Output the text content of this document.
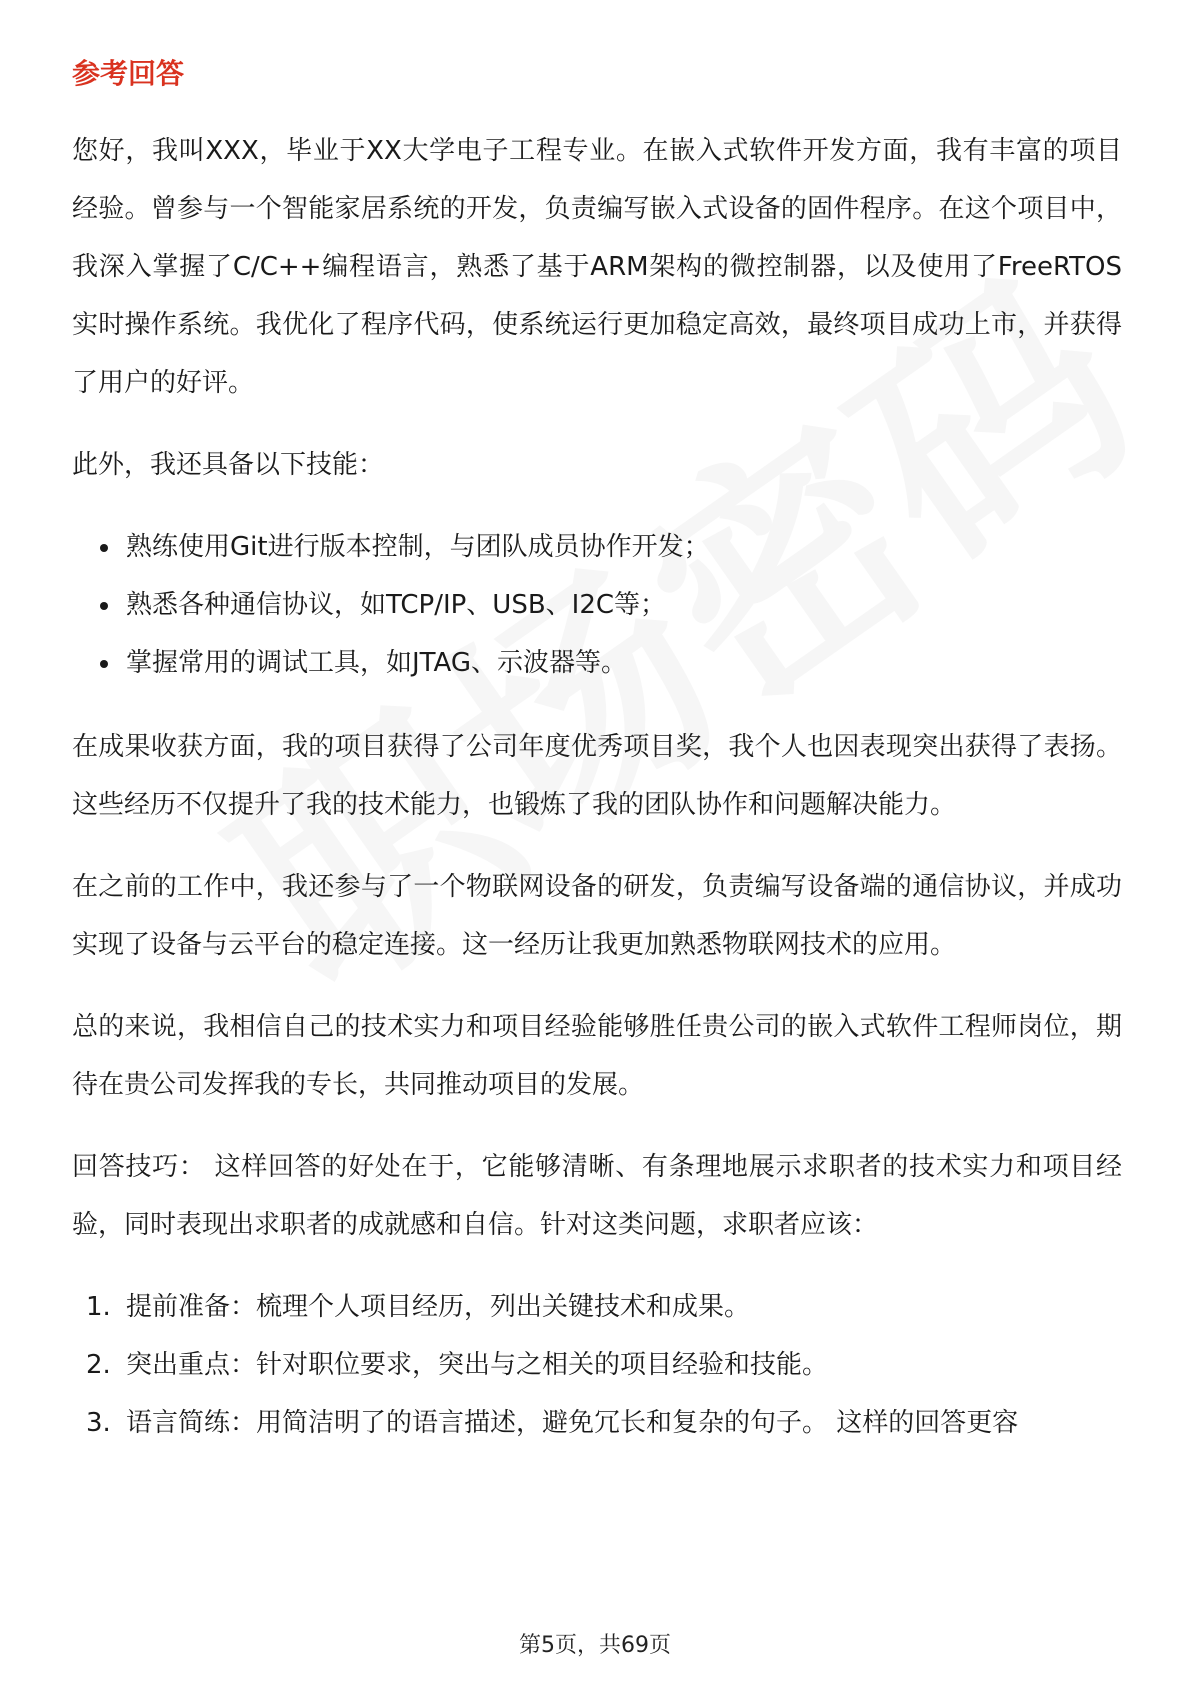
参考回答

您好，我叫XXX，毕业于XX大学电子工程专业。在嵌入式软件开发方面，我有丰富的项目经验。曾参与一个智能家居系统的开发，负责编写嵌入式设备的固件程序。在这个项目中，我深入掌握了C/C++编程语言，熟悉了基于ARM架构的微控制器，以及使用了FreeRTOS实时操作系统。我优化了程序代码，使系统运行更加稳定高效，最终项目成功上市，并获得了用户的好评。

此外，我还具备以下技能：

熟练使用Git进行版本控制，与团队成员协作开发；
熟悉各种通信协议，如TCP/IP、USB、I2C等；
掌握常用的调试工具，如JTAG、示波器等。

在成果收获方面，我的项目获得了公司年度优秀项目奖，我个人也因表现突出获得了表扬。这些经历不仅提升了我的技术能力，也锻炼了我的团队协作和问题解决能力。

在之前的工作中，我还参与了一个物联网设备的研发，负责编写设备端的通信协议，并成功实现了设备与云平台的稳定连接。这一经历让我更加熟悉物联网技术的应用。

总的来说，我相信自己的技术实力和项目经验能够胜任贵公司的嵌入式软件工程师岗位，期待在贵公司发挥我的专长，共同推动项目的发展。

回答技巧： 这样回答的好处在于，它能够清晰、有条理地展示求职者的技术实力和项目经验，同时表现出求职者的成就感和自信。针对这类问题，求职者应该：

1. 提前准备：梳理个人项目经历，列出关键技术和成果。
2. 突出重点：针对职位要求，突出与之相关的项目经验和技能。
3. 语言简练：用简洁明了的语言描述，避免冗长和复杂的句子。 这样的回答更容
第5页，共69页
